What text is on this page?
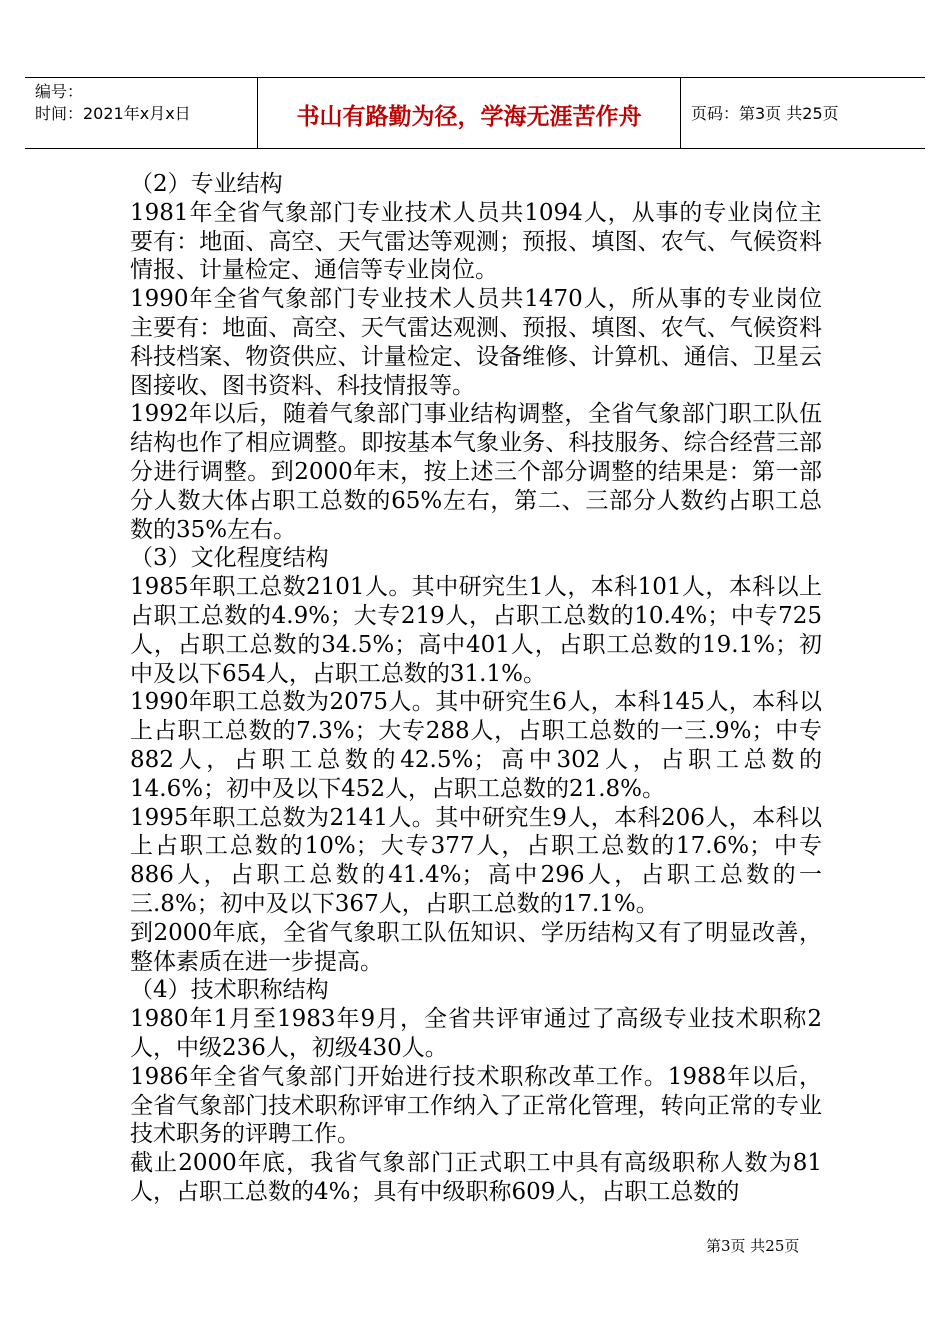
编号：
时间：2021年x月x日	书山有路勤为径，学海无涯苦作舟	页码：第3页 共25页

（2）专业结构

1981年全省气象部门专业技术人员共1094人，从事的专业岗位主要有：地面、高空、天气雷达等观测；预报、填图、农气、气候资料情报、计量检定、通信等专业岗位。

1990年全省气象部门专业技术人员共1470人，所从事的专业岗位主要有：地面、高空、天气雷达观测、预报、填图、农气、气候资料科技档案、物资供应、计量检定、设备维修、计算机、通信、卫星云图接收、图书资料、科技情报等。

1992年以后，随着气象部门事业结构调整，全省气象部门职工队伍结构也作了相应调整。即按基本气象业务、科技服务、综合经营三部分进行调整。到2000年末，按上述三个部分调整的结果是：第一部分人数大体占职工总数的65%左右，第二、三部分人数约占职工总数的35%左右。

（3）文化程度结构

1985年职工总数2101人。其中研究生1人，本科101人，本科以上占职工总数的4.9%；大专219人，占职工总数的10.4%；中专725人，占职工总数的34.5%；高中401人，占职工总数的19.1%；初中及以下654人，占职工总数的31.1%。

1990年职工总数为2075人。其中研究生6人，本科145人，本科以上占职工总数的7.3%；大专288人，占职工总数的一三.9%；中专882人，占职工总数的42.5%；高中302人，占职工总数的14.6%；初中及以下452人，占职工总数的21.8%。

1995年职工总数为2141人。其中研究生9人，本科206人，本科以上占职工总数的10%；大专377人，占职工总数的17.6%；中专886人，占职工总数的41.4%；高中296人，占职工总数的一三.8%；初中及以下367人，占职工总数的17.1%。

到2000年底，全省气象职工队伍知识、学历结构又有了明显改善，整体素质在进一步提高。

（4）技术职称结构

1980年1月至1983年9月，全省共评审通过了高级专业技术职称2人，中级236人，初级430人。

1986年全省气象部门开始进行技术职称改革工作。1988年以后，全省气象部门技术职称评审工作纳入了正常化管理，转向正常的专业技术职务的评聘工作。

截止2000年底，我省气象部门正式职工中具有高级职称人数为81人，占职工总数的4%；具有中级职称609人，占职工总数的

第3页 共25页
